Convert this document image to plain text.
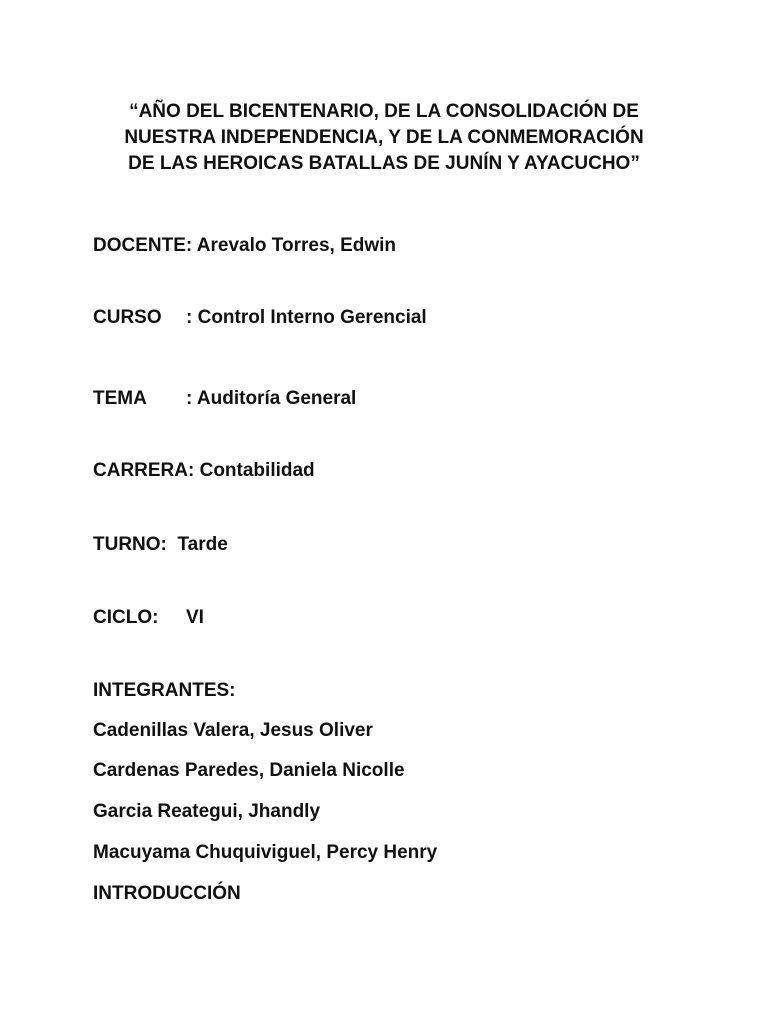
“AÑO DEL BICENTENARIO, DE LA CONSOLIDACIÓN DE
NUESTRA INDEPENDENCIA, Y DE LA CONMEMORACIÓN
DE LAS HEROICAS BATALLAS DE JUNÍN Y AYACUCHO”
DOCENTE: Arevalo Torres, Edwin
CURSO : Control Interno Gerencial
TEMA : Auditoría General
CARRERA: Contabilidad
TURNO:  Tarde
CICLO: VI
INTEGRANTES:
Cadenillas Valera, Jesus Oliver
Cardenas Paredes, Daniela Nicolle
Garcia Reategui, Jhandly
Macuyama Chuquiviguel, Percy Henry
INTRODUCCIÓN
